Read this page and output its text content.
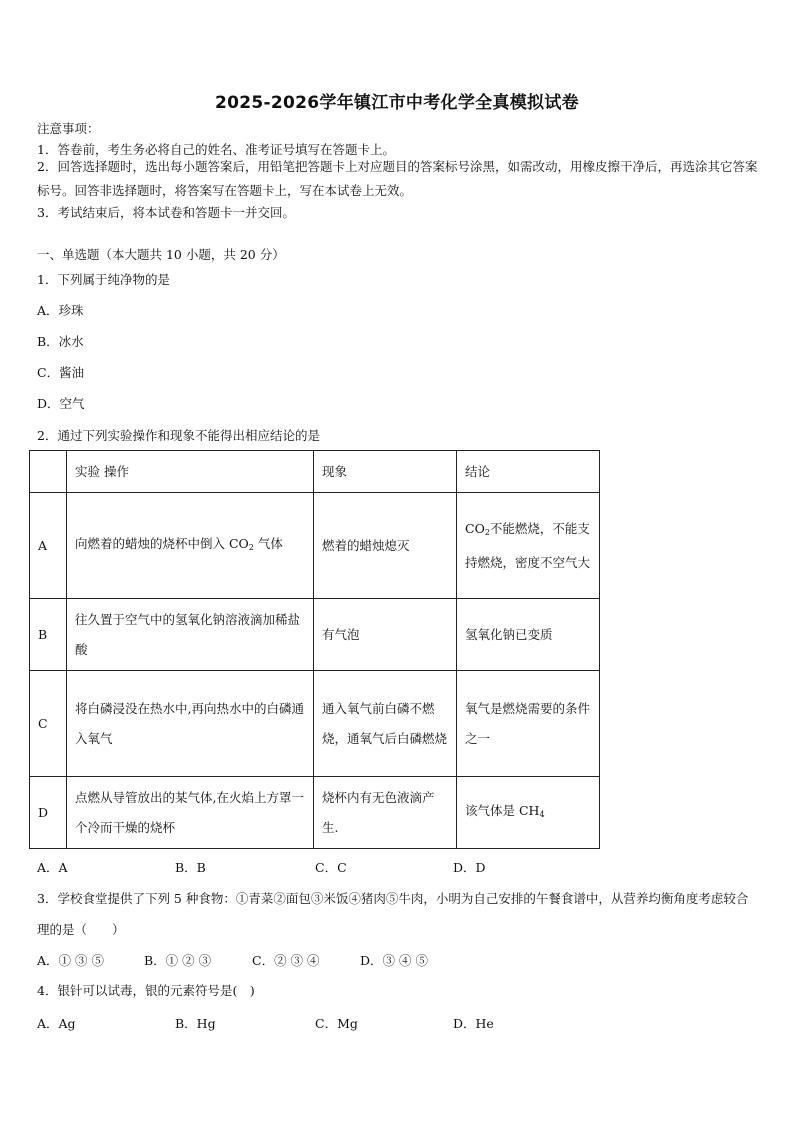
2025-2026学年镇江市中考化学全真模拟试卷
注意事项：
1．答卷前，考生务必将自己的姓名、准考证号填写在答题卡上。
2．回答选择题时，选出每小题答案后，用铅笔把答题卡上对应题目的答案标号涂黑，如需改动，用橡皮擦干净后，再选涂其它答案标号。回答非选择题时，将答案写在答题卡上，写在本试卷上无效。
3．考试结束后，将本试卷和答题卡一并交回。
一、单选题（本大题共 10 小题，共 20 分）
1．下列属于纯净物的是
A．珍珠
B．冰水
C．酱油
D．空气
2．通过下列实验操作和现象不能得出相应结论的是
	实验 操作	现象	结论
A	向燃着的蜡烛的烧杯中倒入 $CO_2$ 气体	燃着的蜡烛熄灭	$CO_2$不能燃烧，不能支持燃烧，密度不空气大
B	往久置于空气中的氢氧化钠溶液滴加稀盐酸	有气泡	氢氧化钠已变质
C	将白磷浸没在热水中,再向热水中的白磷通入氧气	通入氧气前白磷不燃烧，通氧气后白磷燃烧	氧气是燃烧需要的条件之一
D	点燃从导管放出的某气体,在火焰上方罩一个冷而干燥的烧杯	烧杯内有无色液滴产生.	该气体是 $CH_4$
A．A	B．B	C．C	D．D
3．学校食堂提供了下列 5 种食物：①青菜②面包③米饭④猪肉⑤牛肉，小明为自己安排的午餐食谱中，从营养均衡角度考虑较合理的是（　　）
A．① ③ ⑤	B．① ② ③	C．② ③ ④	D．③ ④ ⑤
4．银针可以试毒，银的元素符号是(　)
A．Ag	B．Hg	C．Mg	D．He
